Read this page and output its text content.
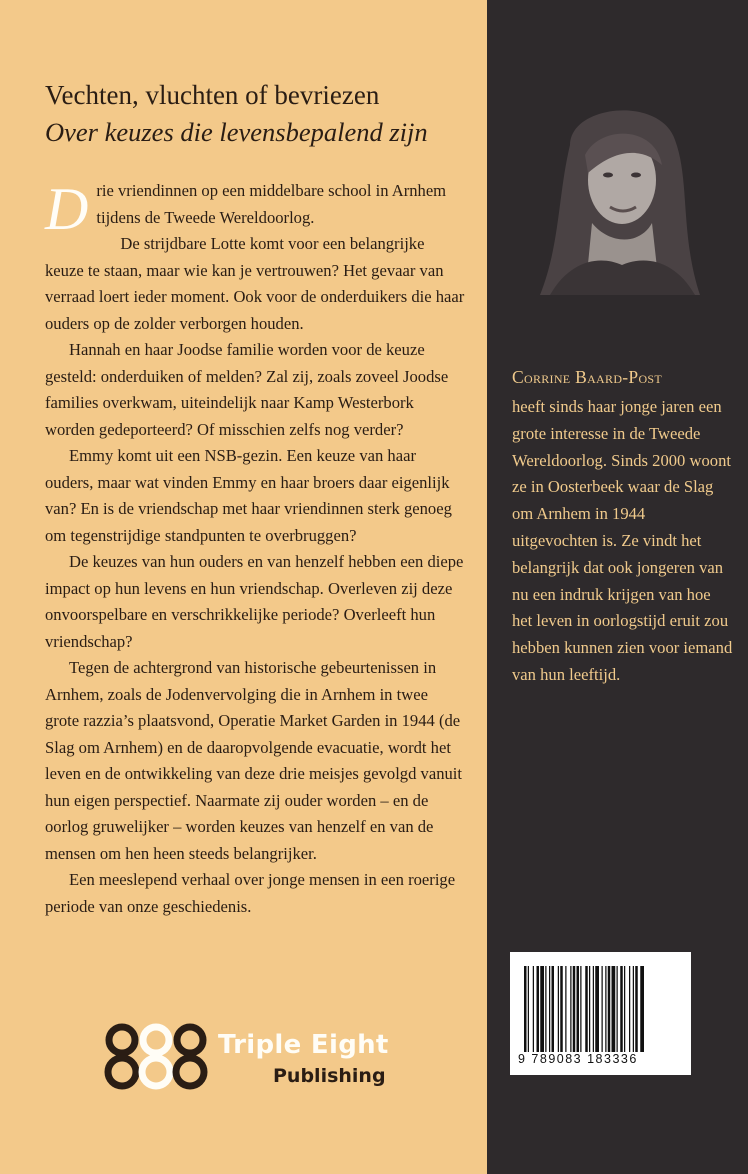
Vechten, vluchten of bevriezen
Over keuzes die levensbepalend zijn

Drie vriendinnen op een middelbare school in Arnhem tijdens de Tweede Wereldoorlog.

De strijdbare Lotte komt voor een belangrijke keuze te staan, maar wie kan je vertrouwen? Het gevaar van verraad loert ieder moment. Ook voor de onderduikers die haar ouders op de zolder verborgen houden.

Hannah en haar Joodse familie worden voor de keuze gesteld: onderduiken of melden? Zal zij, zoals zoveel Joodse families overkwam, uiteindelijk naar Kamp Westerbork worden gedeporteerd? Of misschien zelfs nog verder?

Emmy komt uit een NSB-gezin. Een keuze van haar ouders, maar wat vinden Emmy en haar broers daar eigenlijk van? En is de vriendschap met haar vriendinnen sterk genoeg om tegenstrijdige standpunten te overbruggen?

De keuzes van hun ouders en van henzelf hebben een diepe impact op hun levens en hun vriendschap. Overleven zij deze onvoorspelbare en verschrikkelijke periode? Overleeft hun vriendschap?

Tegen de achtergrond van historische gebeurtenissen in Arnhem, zoals de Jodenvervolging die in Arnhem in twee grote razzia’s plaatsvond, Operatie Market Garden in 1944 (de Slag om Arnhem) en de daaropvolgende evacuatie, wordt het leven en de ontwikkeling van deze drie meisjes gevolgd vanuit hun eigen perspectief. Naarmate zij ouder worden – en de oorlog gruwelijker – worden keuzes van henzelf en van de mensen om hen heen steeds belangrijker.

Een meeslepend verhaal over jonge mensen in een roerige periode van onze geschiedenis.

Triple Eight
Publishing
Corrine Baard-Post
heeft sinds haar jonge jaren een grote interesse in de Tweede Wereldoorlog. Sinds 2000 woont ze in Oosterbeek waar de Slag om Arnhem in 1944 uitgevochten is. Ze vindt het belangrijk dat ook jongeren van nu een indruk krijgen van hoe het leven in oorlogstijd eruit zou hebben kunnen zien voor iemand van hun leeftijd.
9 789083 183336
